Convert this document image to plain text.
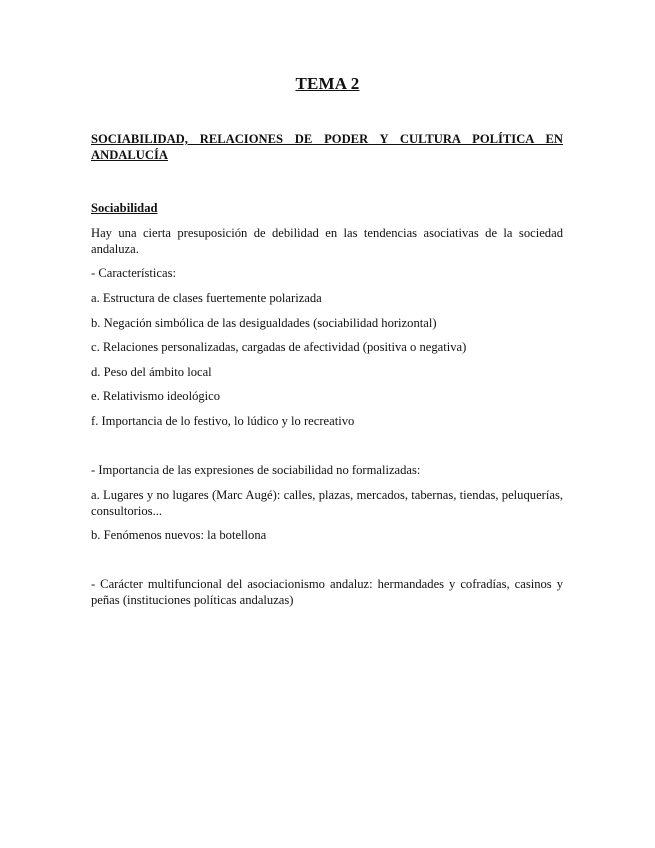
TEMA 2
SOCIABILIDAD, RELACIONES DE PODER Y CULTURA POLÍTICA EN
ANDALUCÍA
Sociabilidad
Hay una cierta presuposición de debilidad en las tendencias asociativas de la sociedad andaluza.
- Características:
a. Estructura de clases fuertemente polarizada
b. Negación simbólica de las desigualdades (sociabilidad horizontal)
c. Relaciones personalizadas, cargadas de afectividad (positiva o negativa)
d. Peso del ámbito local
e. Relativismo ideológico
f. Importancia de lo festivo, lo lúdico y lo recreativo
- Importancia de las expresiones de sociabilidad no formalizadas:
a. Lugares y no lugares (Marc Augé): calles, plazas, mercados, tabernas, tiendas, peluquerías, consultorios...
b. Fenómenos nuevos: la botellona
- Carácter multifuncional del asociacionismo andaluz: hermandades y cofradías, casinos y peñas (instituciones políticas andaluzas)
